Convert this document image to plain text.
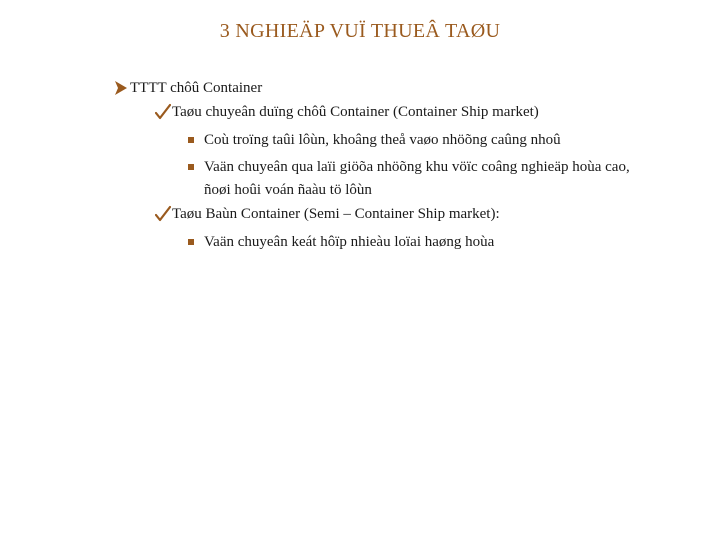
3 NGHIEÄP VUÏ THUEÂ TAØU
TTTT chôû Container
Taøu chuyeân duïng chôû Container (Container Ship market)
Coù troïng taûi lôùn, khoâng theå vaøo nhöõng caûng nhoû
Vaän chuyeân qua laïi giöõa nhöõng khu vöïc coâng nghieäp hoùa cao,
ñoøi hoûi voán ñaàu tö lôùn
Taøu Baùn Container (Semi – Container Ship market):
Vaän chuyeân keát hôïp nhieàu loïai haøng hoùa
